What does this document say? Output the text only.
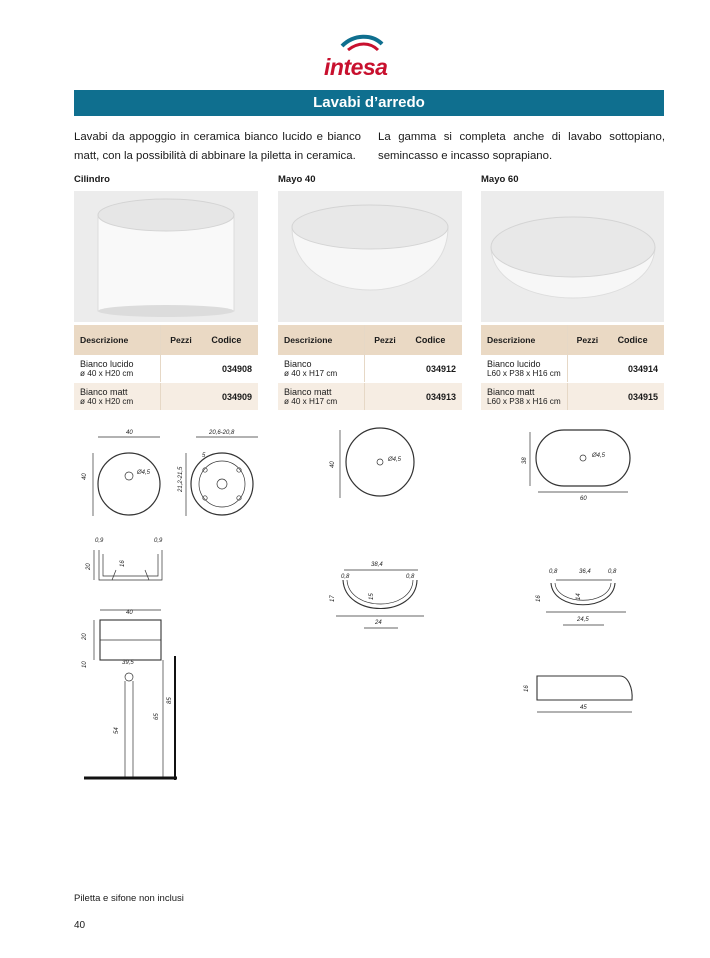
intesa
Lavabi d’arredo
Lavabi da appoggio in ceramica bianco lucido e bianco matt, con la possibilità di abbinare la piletta in ceramica.
La gamma si completa anche di lavabo sottopiano, semincasso e incasso soprapiano.
Cilindro	Mayo 40	Mayo 60
Descrizione	Pezzi	Codice

Bianco lucido
ø 40 x H20 cm		034908

Bianco matt
ø 40 x H20 cm		034909
Descrizione	Pezzi	Codice

Bianco
ø 40 x H17 cm		034912

Bianco matt
ø 40 x H17 cm		034913
Descrizione	Pezzi	Codice

Bianco lucido
L60 x P38 x H16 cm		034914

Bianco matt
L60 x P38 x H16 cm		034915
40
40
Ø4,5
20,6-20,8
21,2-21,5
5
0,9	0,9
20	16
40
20
10	39,5
54
65
85
40
Ø4,5
38,4
0,8	0,8
17	15
24
38
Ø4,5
60
0,8	36,4	0,8
16	14
24,5
16
45
Piletta e sifone non inclusi
40
